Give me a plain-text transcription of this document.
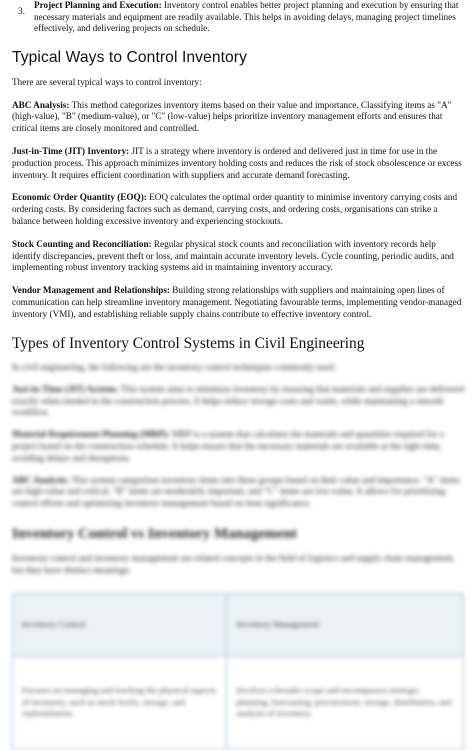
3.
Project Planning and Execution: Inventory control enables better project planning and execution by ensuring that necessary materials and equipment are readily available. This helps in avoiding delays, managing project timelines effectively, and delivering projects on schedule.
Typical Ways to Control Inventory

There are several typical ways to control inventory:

ABC Analysis: This method categorizes inventory items based on their value and importance. Classifying items as "A" (high-value), "B" (medium-value), or "C" (low-value) helps prioritize inventory management efforts and ensures that critical items are closely monitored and controlled.

Just-in-Time (JIT) Inventory: JIT is a strategy where inventory is ordered and delivered just in time for use in the production process. This approach minimizes inventory holding costs and reduces the risk of stock obsolescence or excess inventory. It requires efficient coordination with suppliers and accurate demand forecasting.

Economic Order Quantity (EOQ): EOQ calculates the optimal order quantity to minimise inventory carrying costs and ordering costs. By considering factors such as demand, carrying costs, and ordering costs, organisations can strike a balance between holding excessive inventory and experiencing stockouts.

Stock Counting and Reconciliation: Regular physical stock counts and reconciliation with inventory records help identify discrepancies, prevent theft or loss, and maintain accurate inventory levels. Cycle counting, periodic audits, and implementing robust inventory tracking systems aid in maintaining inventory accuracy.

Vendor Management and Relationships: Building strong relationships with suppliers and maintaining open lines of communication can help streamline inventory management. Negotiating favourable terms, implementing vendor-managed inventory (VMI), and establishing reliable supply chains contribute to effective inventory control.

Types of Inventory Control Systems in Civil Engineering

In civil engineering, the following are the inventory control techniques commonly used:

Just-in-Time (JIT) System: This system aims to minimize inventory by ensuring that materials and supplies are delivered exactly when needed in the construction process. It helps reduce storage costs and waste, while maintaining a smooth workflow.

Material Requirement Planning (MRP): MRP is a system that calculates the materials and quantities required for a project based on the construction schedule. It helps ensure that the necessary materials are available at the right time, avoiding delays and disruptions.

ABC Analysis: This system categorizes inventory items into three groups based on their value and importance. "A" items are high-value and critical, "B" items are moderately important, and "C" items are low-value. It allows for prioritizing control efforts and optimizing inventory management based on item significance.

Inventory Control vs Inventory Management

Inventory control and inventory management are related concepts in the field of logistics and supply chain management, but they have distinct meanings:

Inventory Control	Inventory Management
Focuses on managing and tracking the physical aspects of inventory, such as stock levels, storage, and replenishment.	Involves a broader scope and encompasses strategic planning, forecasting, procurement, storage, distribution, and analysis of inventory.
